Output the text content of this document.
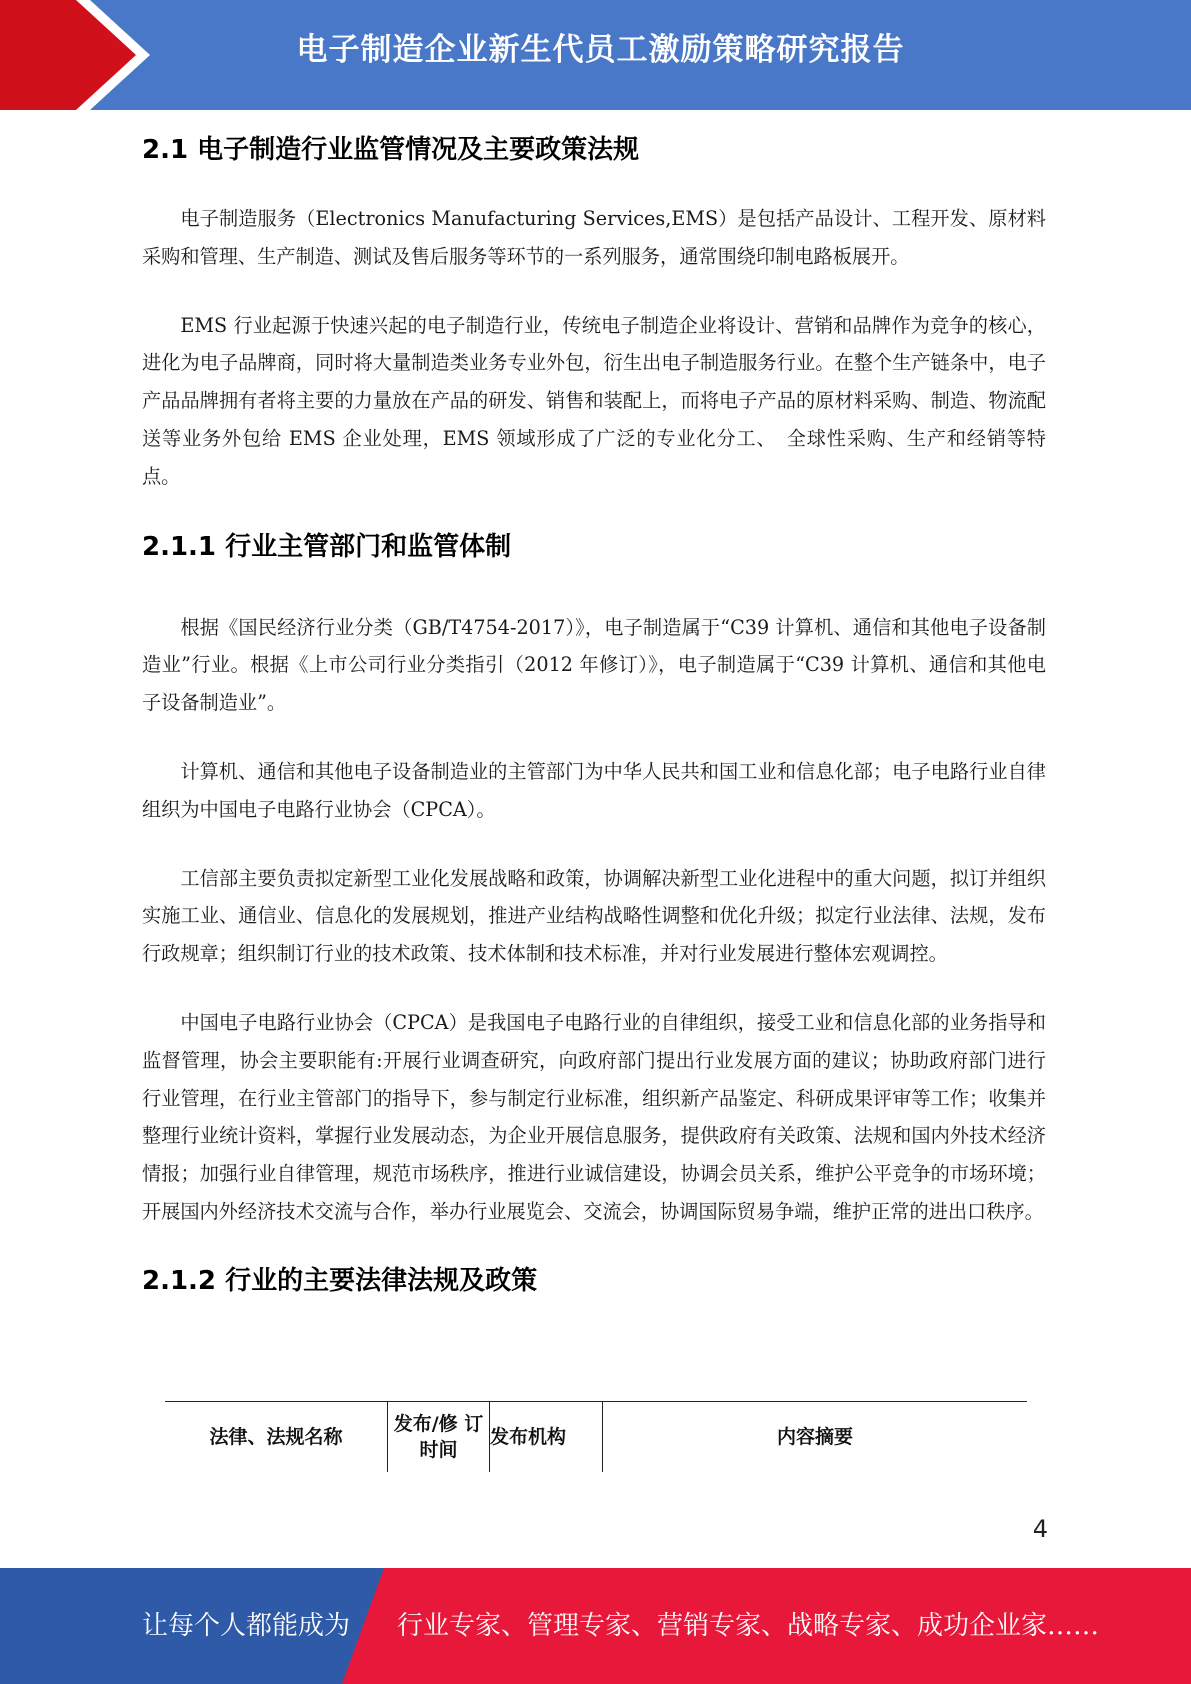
电子制造企业新生代员工激励策略研究报告
2.1 电子制造行业监管情况及主要政策法规

电子制造服务（Electronics Manufacturing Services,EMS）是包括产品设计、工程开发、原材料采购和管理、生产制造、测试及售后服务等环节的一系列服务，通常围绕印制电路板展开。

EMS 行业起源于快速兴起的电子制造行业，传统电子制造企业将设计、营销和品牌作为竞争的核心，进化为电子品牌商，同时将大量制造类业务专业外包，衍生出电子制造服务行业。在整个生产链条中，电子产品品牌拥有者将主要的力量放在产品的研发、销售和装配上，而将电子产品的原材料采购、制造、物流配送等业务外包给 EMS 企业处理，EMS 领域形成了广泛的专业化分工、　全球性采购、生产和经销等特点。

2.1.1 行业主管部门和监管体制

根据《国民经济行业分类（GB/T4754-2017）》，电子制造属于“C39 计算机、通信和其他电子设备制造业”行业。根据《上市公司行业分类指引（2012 年修订）》，电子制造属于“C39 计算机、通信和其他电子设备制造业”。

计算机、通信和其他电子设备制造业的主管部门为中华人民共和国工业和信息化部；电子电路行业自律组织为中国电子电路行业协会（CPCA）。

工信部主要负责拟定新型工业化发展战略和政策，协调解决新型工业化进程中的重大问题，拟订并组织实施工业、通信业、信息化的发展规划，推进产业结构战略性调整和优化升级；拟定行业法律、法规，发布行政规章；组织制订行业的技术政策、技术体制和技术标准，并对行业发展进行整体宏观调控。

中国电子电路行业协会（CPCA）是我国电子电路行业的自律组织，接受工业和信息化部的业务指导和监督管理，协会主要职能有:开展行业调查研究，向政府部门提出行业发展方面的建议；协助政府部门进行行业管理，在行业主管部门的指导下，参与制定行业标准，组织新产品鉴定、科研成果评审等工作；收集并整理行业统计资料，掌握行业发展动态，为企业开展信息服务，提供政府有关政策、法规和国内外技术经济情报；加强行业自律管理，规范市场秩序，推进行业诚信建设，协调会员关系，维护公平竞争的市场环境；开展国内外经济技术交流与合作，举办行业展览会、交流会，协调国际贸易争端，维护正常的进出口秩序。

2.1.2 行业的主要法律法规及政策
法律、法规名称
发布/修 订时间
发布机构	内容摘要
4
让每个人都能成为 行业专家、管理专家、营销专家、战略专家、成功企业家……
